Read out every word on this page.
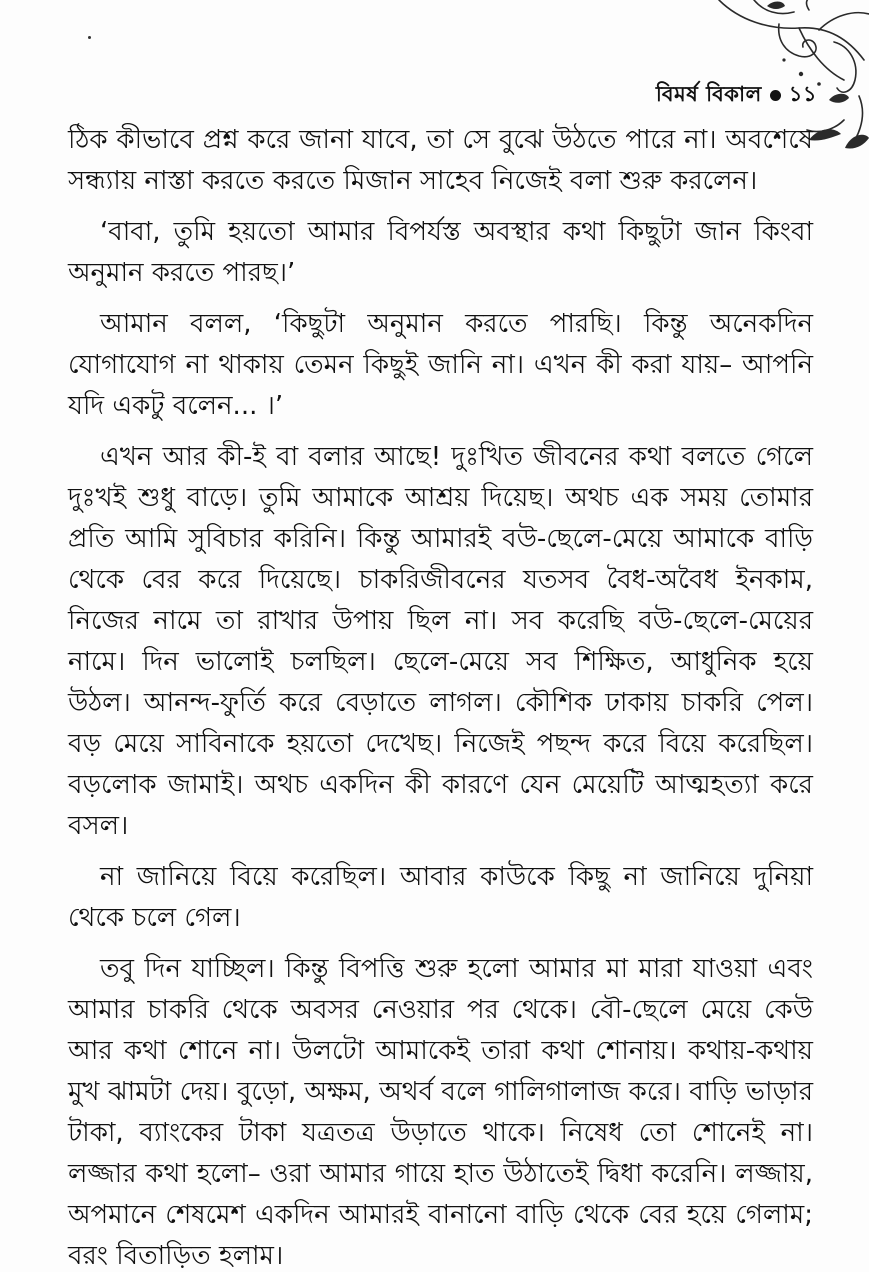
বিমর্ষ বিকাল ১১

ঠিক কীভাবে প্রশ্ন করে জানা যাবে, তা সে বুঝে উঠতে পারে না। অবশেষে সন্ধ্যায় নাস্তা করতে করতে মিজান সাহেব নিজেই বলা শুরু করলেন।

‘বাবা, তুমি হয়তো আমার বিপর্যস্ত অবস্থার কথা কিছুটা জান কিংবা অনুমান করতে পারছ।’

আমান বলল, ‘কিছুটা অনুমান করতে পারছি। কিন্তু অনেকদিন যোগাযোগ না থাকায় তেমন কিছুই জানি না। এখন কী করা যায়– আপনি যদি একটু বলেন... ।’

এখন আর কী-ই বা বলার আছে! দুঃখিত জীবনের কথা বলতে গেলে দুঃখই শুধু বাড়ে। তুমি আমাকে আশ্রয় দিয়েছ। অথচ এক সময় তোমার প্রতি আমি সুবিচার করিনি। কিন্তু আমারই বউ-ছেলে-মেয়ে আমাকে বাড়ি থেকে বের করে দিয়েছে। চাকরিজীবনের যতসব বৈধ-অবৈধ ইনকাম, নিজের নামে তা রাখার উপায় ছিল না। সব করেছি বউ-ছেলে-মেয়ের নামে। দিন ভালোই চলছিল। ছেলে-মেয়ে সব শিক্ষিত, আধুনিক হয়ে উঠল। আনন্দ-ফুর্তি করে বেড়াতে লাগল। কৌশিক ঢাকায় চাকরি পেল। বড় মেয়ে সাবিনাকে হয়তো দেখেছ। নিজেই পছন্দ করে বিয়ে করেছিল। বড়লোক জামাই। অথচ একদিন কী কারণে যেন মেয়েটি আত্মহত্যা করে বসল।

না জানিয়ে বিয়ে করেছিল। আবার কাউকে কিছু না জানিয়ে দুনিয়া থেকে চলে গেল।

তবু দিন যাচ্ছিল। কিন্তু বিপত্তি শুরু হলো আমার মা মারা যাওয়া এবং আমার চাকরি থেকে অবসর নেওয়ার পর থেকে। বৌ-ছেলে মেয়ে কেউ আর কথা শোনে না। উলটো আমাকেই তারা কথা শোনায়। কথায়-কথায় মুখ ঝামটা দেয়। বুড়ো, অক্ষম, অথর্ব বলে গালিগালাজ করে। বাড়ি ভাড়ার টাকা, ব্যাংকের টাকা যত্রতত্র উড়াতে থাকে। নিষেধ তো শোনেই না। লজ্জার কথা হলো– ওরা আমার গায়ে হাত উঠাতেই দ্বিধা করেনি। লজ্জায়, অপমানে শেষমেশ একদিন আমারই বানানো বাড়ি থেকে বের হয়ে গেলাম; বরং বিতাড়িত হলাম।
